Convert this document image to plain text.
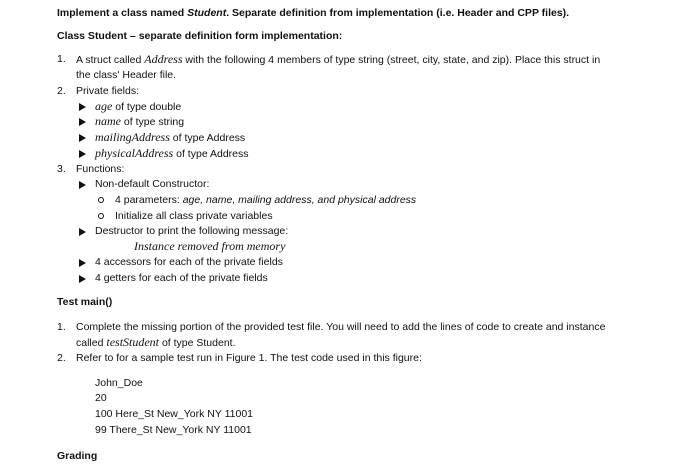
Implement a class named Student. Separate definition from implementation (i.e. Header and CPP files).
Class Student – separate definition form implementation:
1. A struct called Address with the following 4 members of type string (street, city, state, and zip). Place this struct in
the class' Header file.
2. Private fields:
age of type double
name of type string
mailingAddress of type Address
physicalAddress of type Address
3. Functions:
Non-default Constructor:
4 parameters: age, name, mailing address, and physical address
Initialize all class private variables
Destructor to print the following message:
Instance removed from memory
4 accessors for each of the private fields
4 getters for each of the private fields
Test main()
1. Complete the missing portion of the provided test file. You will need to add the lines of code to create and instance
called testStudent of type Student.
2. Refer to for a sample test run in Figure 1. The test code used in this figure:
John_Doe
20
100 Here_St New_York NY 11001
99 There_St New_York NY 11001
Grading
